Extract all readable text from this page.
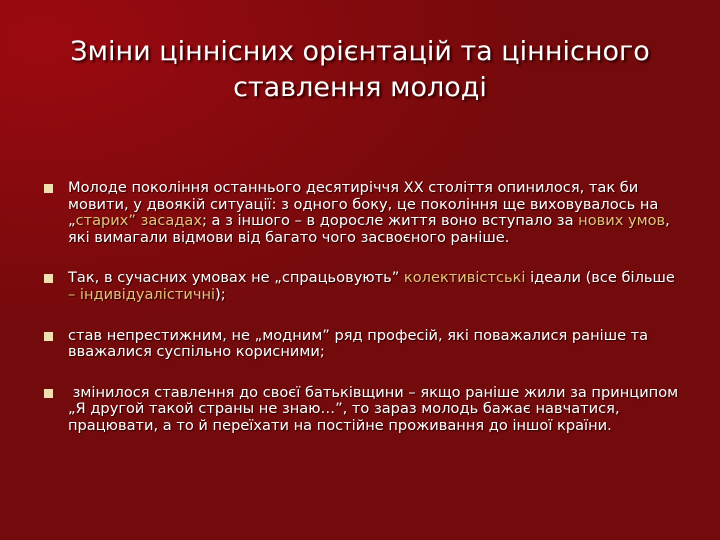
Зміни ціннісних орієнтацій та ціннісного ставлення молоді
Молоде покоління останнього десятиріччя XX століття опинилося, так би мовити, у двоякій ситуації: з одного боку, це покоління ще виховувалось на „старих” засадах; а з іншого – в доросле життя воно вступало за нових умов, які вимагали відмови від багато чого засвоєного раніше.
Так, в сучасних умовах не „спрацьовують” колективістські ідеали (все більше – індивідуалістичні);
став непрестижним, не „модним” ряд професій, які поважалися раніше та вважалися суспільно корисними;
змінилося ставлення до своєї батьківщини – якщо раніше жили за принципом „Я другой такой страны не знаю…”, то зараз молодь бажає навчатися, працювати, а то й переїхати на постійне проживання до іншої країни.
